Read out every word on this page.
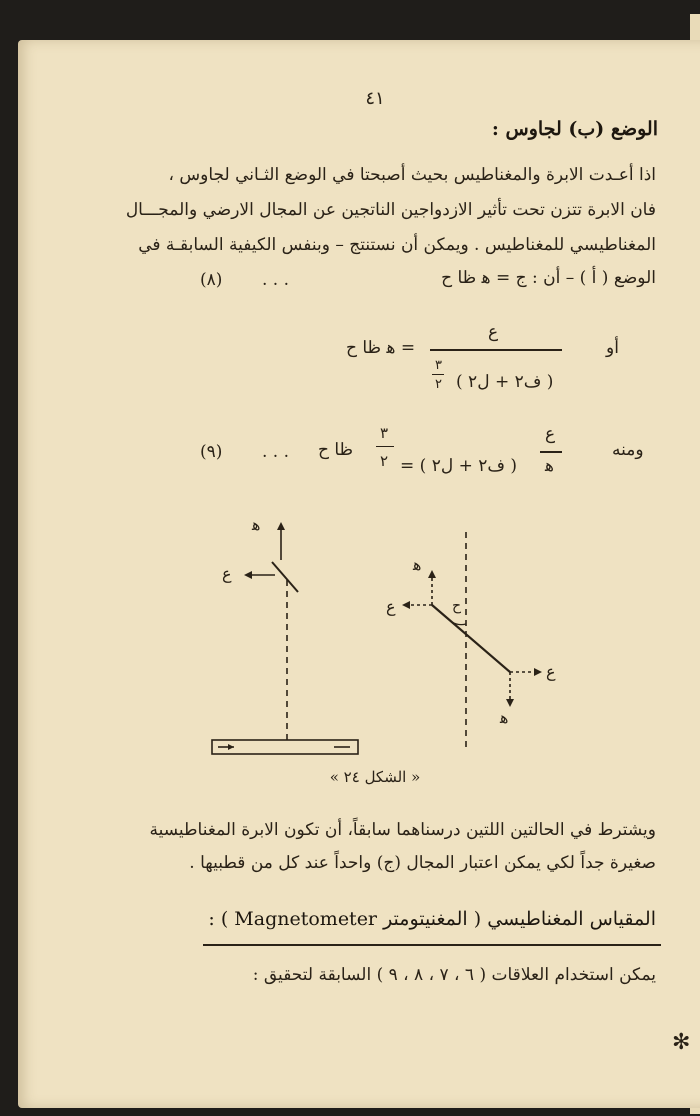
٤١
الوضع (ب) لجاوس :
اذا أعـدت الابرة والمغناطيس بحيث أصبحتا في الوضع الثـاني لجاوس ،
فان الابرة تتزن تحت تأثير الازدواجين الناتجين عن المجال الارضي والمجـــال
المغناطيسي للمغناطيس . ويمكن أن نستنتج – وبنفس الكيفية السابقـة في
الوضع ( ﺃ ) – أن : ج = ﻫ ظا ح
. . .
(٨)
أو
ع
( ف٢ + ل٢ )
٣
٢
= ﻫ ظا ح
ومنه
ع
ﻫ
= ( ف٢ + ل٢ )
٣
٢
ظا ح
. . .
(٩)
ﻫ
ع	ﻫ
ع	ح
ع
ﻫ
« الشكل ٢٤ »
ويشترط في الحالتين اللتين درسناهما سابقاً، أن تكون الابرة المغناطيسية
صغيرة جداً لكي يمكن اعتبار المجال (ج) واحداً عند كل من قطبيها .
المقياس المغناطيسي ( المغنيتومتر Magnetometer ) :
يمكن استخدام العلاقات ( ٦ ، ٧ ، ٨ ، ٩ ) السابقة لتحقيق :
✻
